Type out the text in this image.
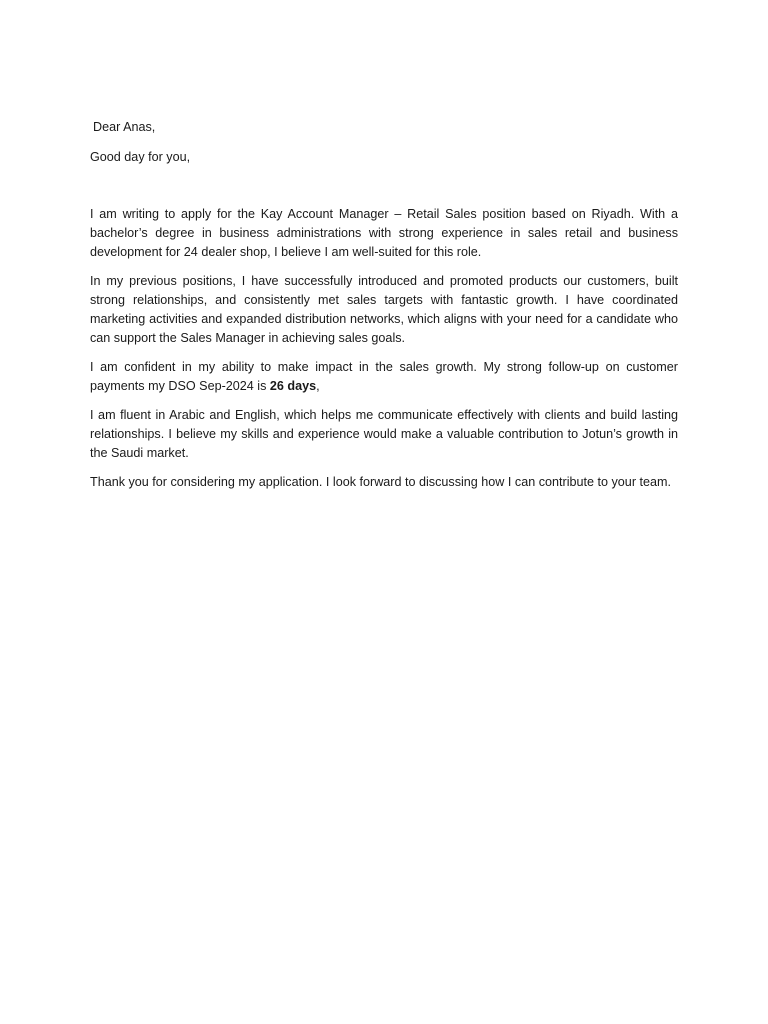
Dear Anas,

Good day for you,

I am writing to apply for the Kay Account Manager – Retail Sales position based on Riyadh. With a bachelor’s degree in business administrations with strong experience in sales retail and business development for 24 dealer shop, I believe I am well-suited for this role.

In my previous positions, I have successfully introduced and promoted products our customers, built strong relationships, and consistently met sales targets with fantastic growth. I have coordinated marketing activities and expanded distribution networks, which aligns with your need for a candidate who can support the Sales Manager in achieving sales goals.

I am confident in my ability to make impact in the sales growth. My strong follow-up on customer payments my DSO Sep-2024 is 26 days,

I am fluent in Arabic and English, which helps me communicate effectively with clients and build lasting relationships. I believe my skills and experience would make a valuable contribution to Jotun’s growth in the Saudi market.

Thank you for considering my application. I look forward to discussing how I can contribute to your team.
